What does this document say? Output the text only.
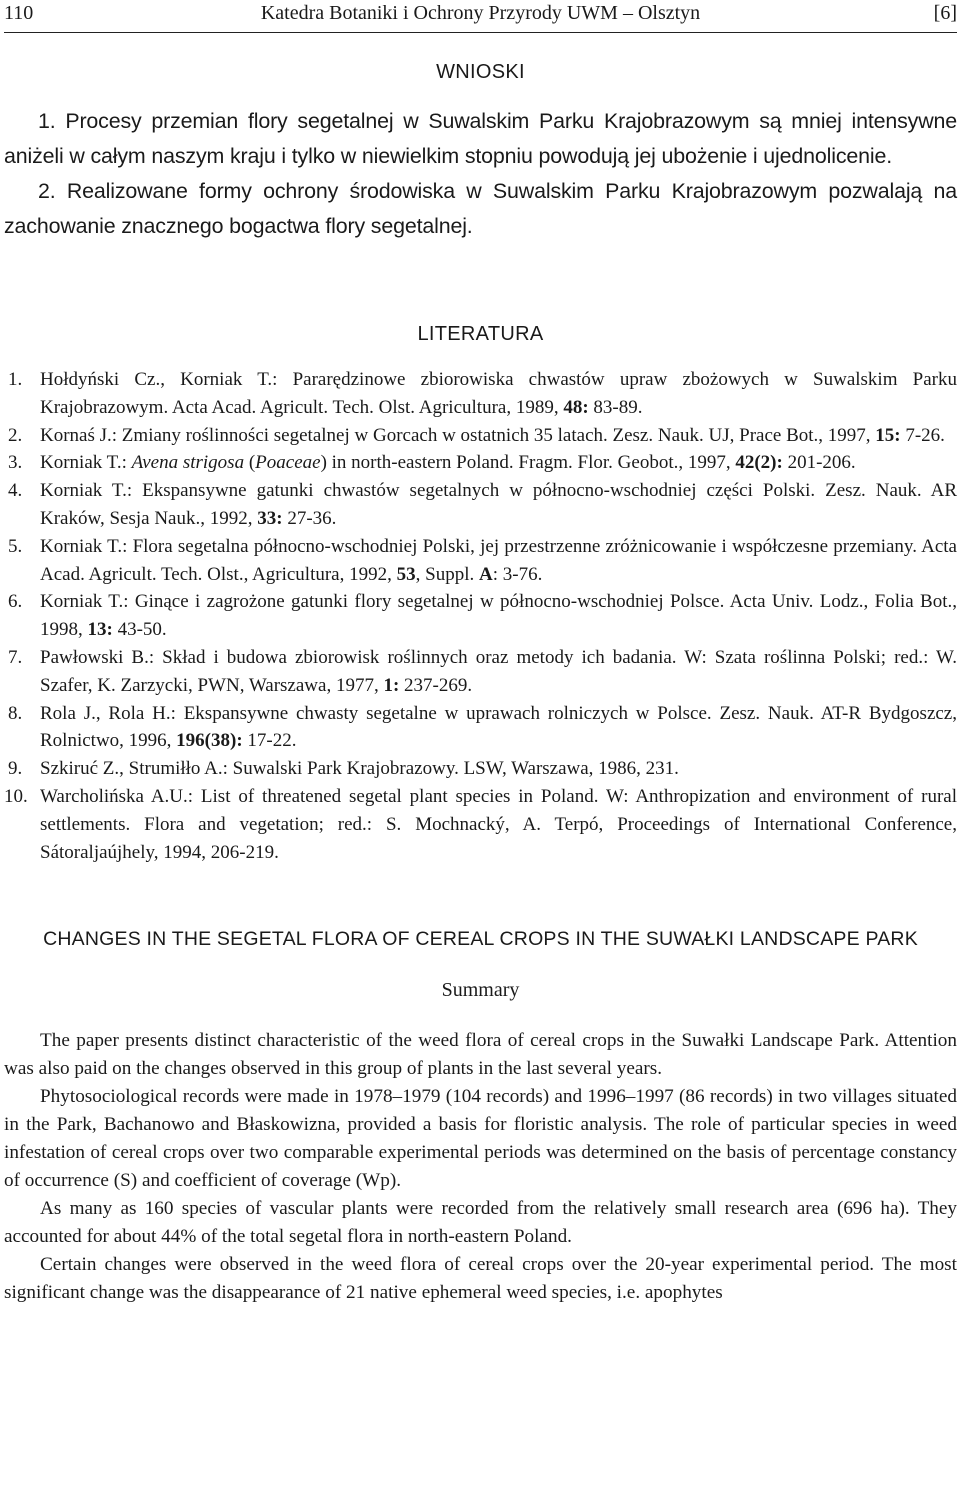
110	Katedra Botaniki i Ochrony Przyrody UWM – Olsztyn	[6]
WNIOSKI

1. Procesy przemian flory segetalnej w Suwalskim Parku Krajobrazowym są mniej intensywne aniżeli w całym naszym kraju i tylko w niewielkim stopniu powodują jej ubożenie i ujednolicenie.

2. Realizowane formy ochrony środowiska w Suwalskim Parku Krajobrazowym pozwalają na zachowanie znacznego bogactwa flory segetalnej.

LITERATURA
1. Hołdyński Cz., Korniak T.: Pararędzinowe zbiorowiska chwastów upraw zbożowych w Suwalskim Parku Krajobrazowym. Acta Acad. Agricult. Tech. Olst. Agricultura, 1989, 48: 83-89.
2. Kornaś J.: Zmiany roślinności segetalnej w Gorcach w ostatnich 35 latach. Zesz. Nauk. UJ, Prace Bot., 1997, 15: 7-26.
3. Korniak T.: Avena strigosa (Poaceae) in north-eastern Poland. Fragm. Flor. Geobot., 1997, 42(2): 201-206.
4. Korniak T.: Ekspansywne gatunki chwastów segetalnych w północno-wschodniej części Polski. Zesz. Nauk. AR Kraków, Sesja Nauk., 1992, 33: 27-36.
5. Korniak T.: Flora segetalna północno-wschodniej Polski, jej przestrzenne zróżnicowanie i współczesne przemiany. Acta Acad. Agricult. Tech. Olst., Agricultura, 1992, 53, Suppl. A: 3-76.
6. Korniak T.: Ginące i zagrożone gatunki flory segetalnej w północno-wschodniej Polsce. Acta Univ. Lodz., Folia Bot., 1998, 13: 43-50.
7. Pawłowski B.: Skład i budowa zbiorowisk roślinnych oraz metody ich badania. W: Szata roślinna Polski; red.: W. Szafer, K. Zarzycki, PWN, Warszawa, 1977, 1: 237-269.
8. Rola J., Rola H.: Ekspansywne chwasty segetalne w uprawach rolniczych w Polsce. Zesz. Nauk. AT-R Bydgoszcz, Rolnictwo, 1996, 196(38): 17-22.
9. Szkiruć Z., Strumiłło A.: Suwalski Park Krajobrazowy. LSW, Warszawa, 1986, 231.
10. Warcholińska A.U.: List of threatened segetal plant species in Poland. W: Anthropization and environment of rural settlements. Flora and vegetation; red.: S. Mochnacký, A. Terpó, Proceedings of International Conference, Sátoraljaújhely, 1994, 206-219.
CHANGES IN THE SEGETAL FLORA OF CEREAL CROPS IN THE SUWAŁKI LANDSCAPE PARK
Summary

The paper presents distinct characteristic of the weed flora of cereal crops in the Suwałki Landscape Park. Attention was also paid on the changes observed in this group of plants in the last several years.

Phytosociological records were made in 1978–1979 (104 records) and 1996–1997 (86 records) in two villages situated in the Park, Bachanowo and Błaskowizna, provided a basis for floristic analysis. The role of particular species in weed infestation of cereal crops over two comparable experimental periods was determined on the basis of percentage constancy of occurrence (S) and coefficient of coverage (Wp).

As many as 160 species of vascular plants were recorded from the relatively small research area (696 ha). They accounted for about 44% of the total segetal flora in north-eastern Poland.

Certain changes were observed in the weed flora of cereal crops over the 20-year experimental period. The most significant change was the disappearance of 21 native ephemeral weed species, i.e. apophytes
